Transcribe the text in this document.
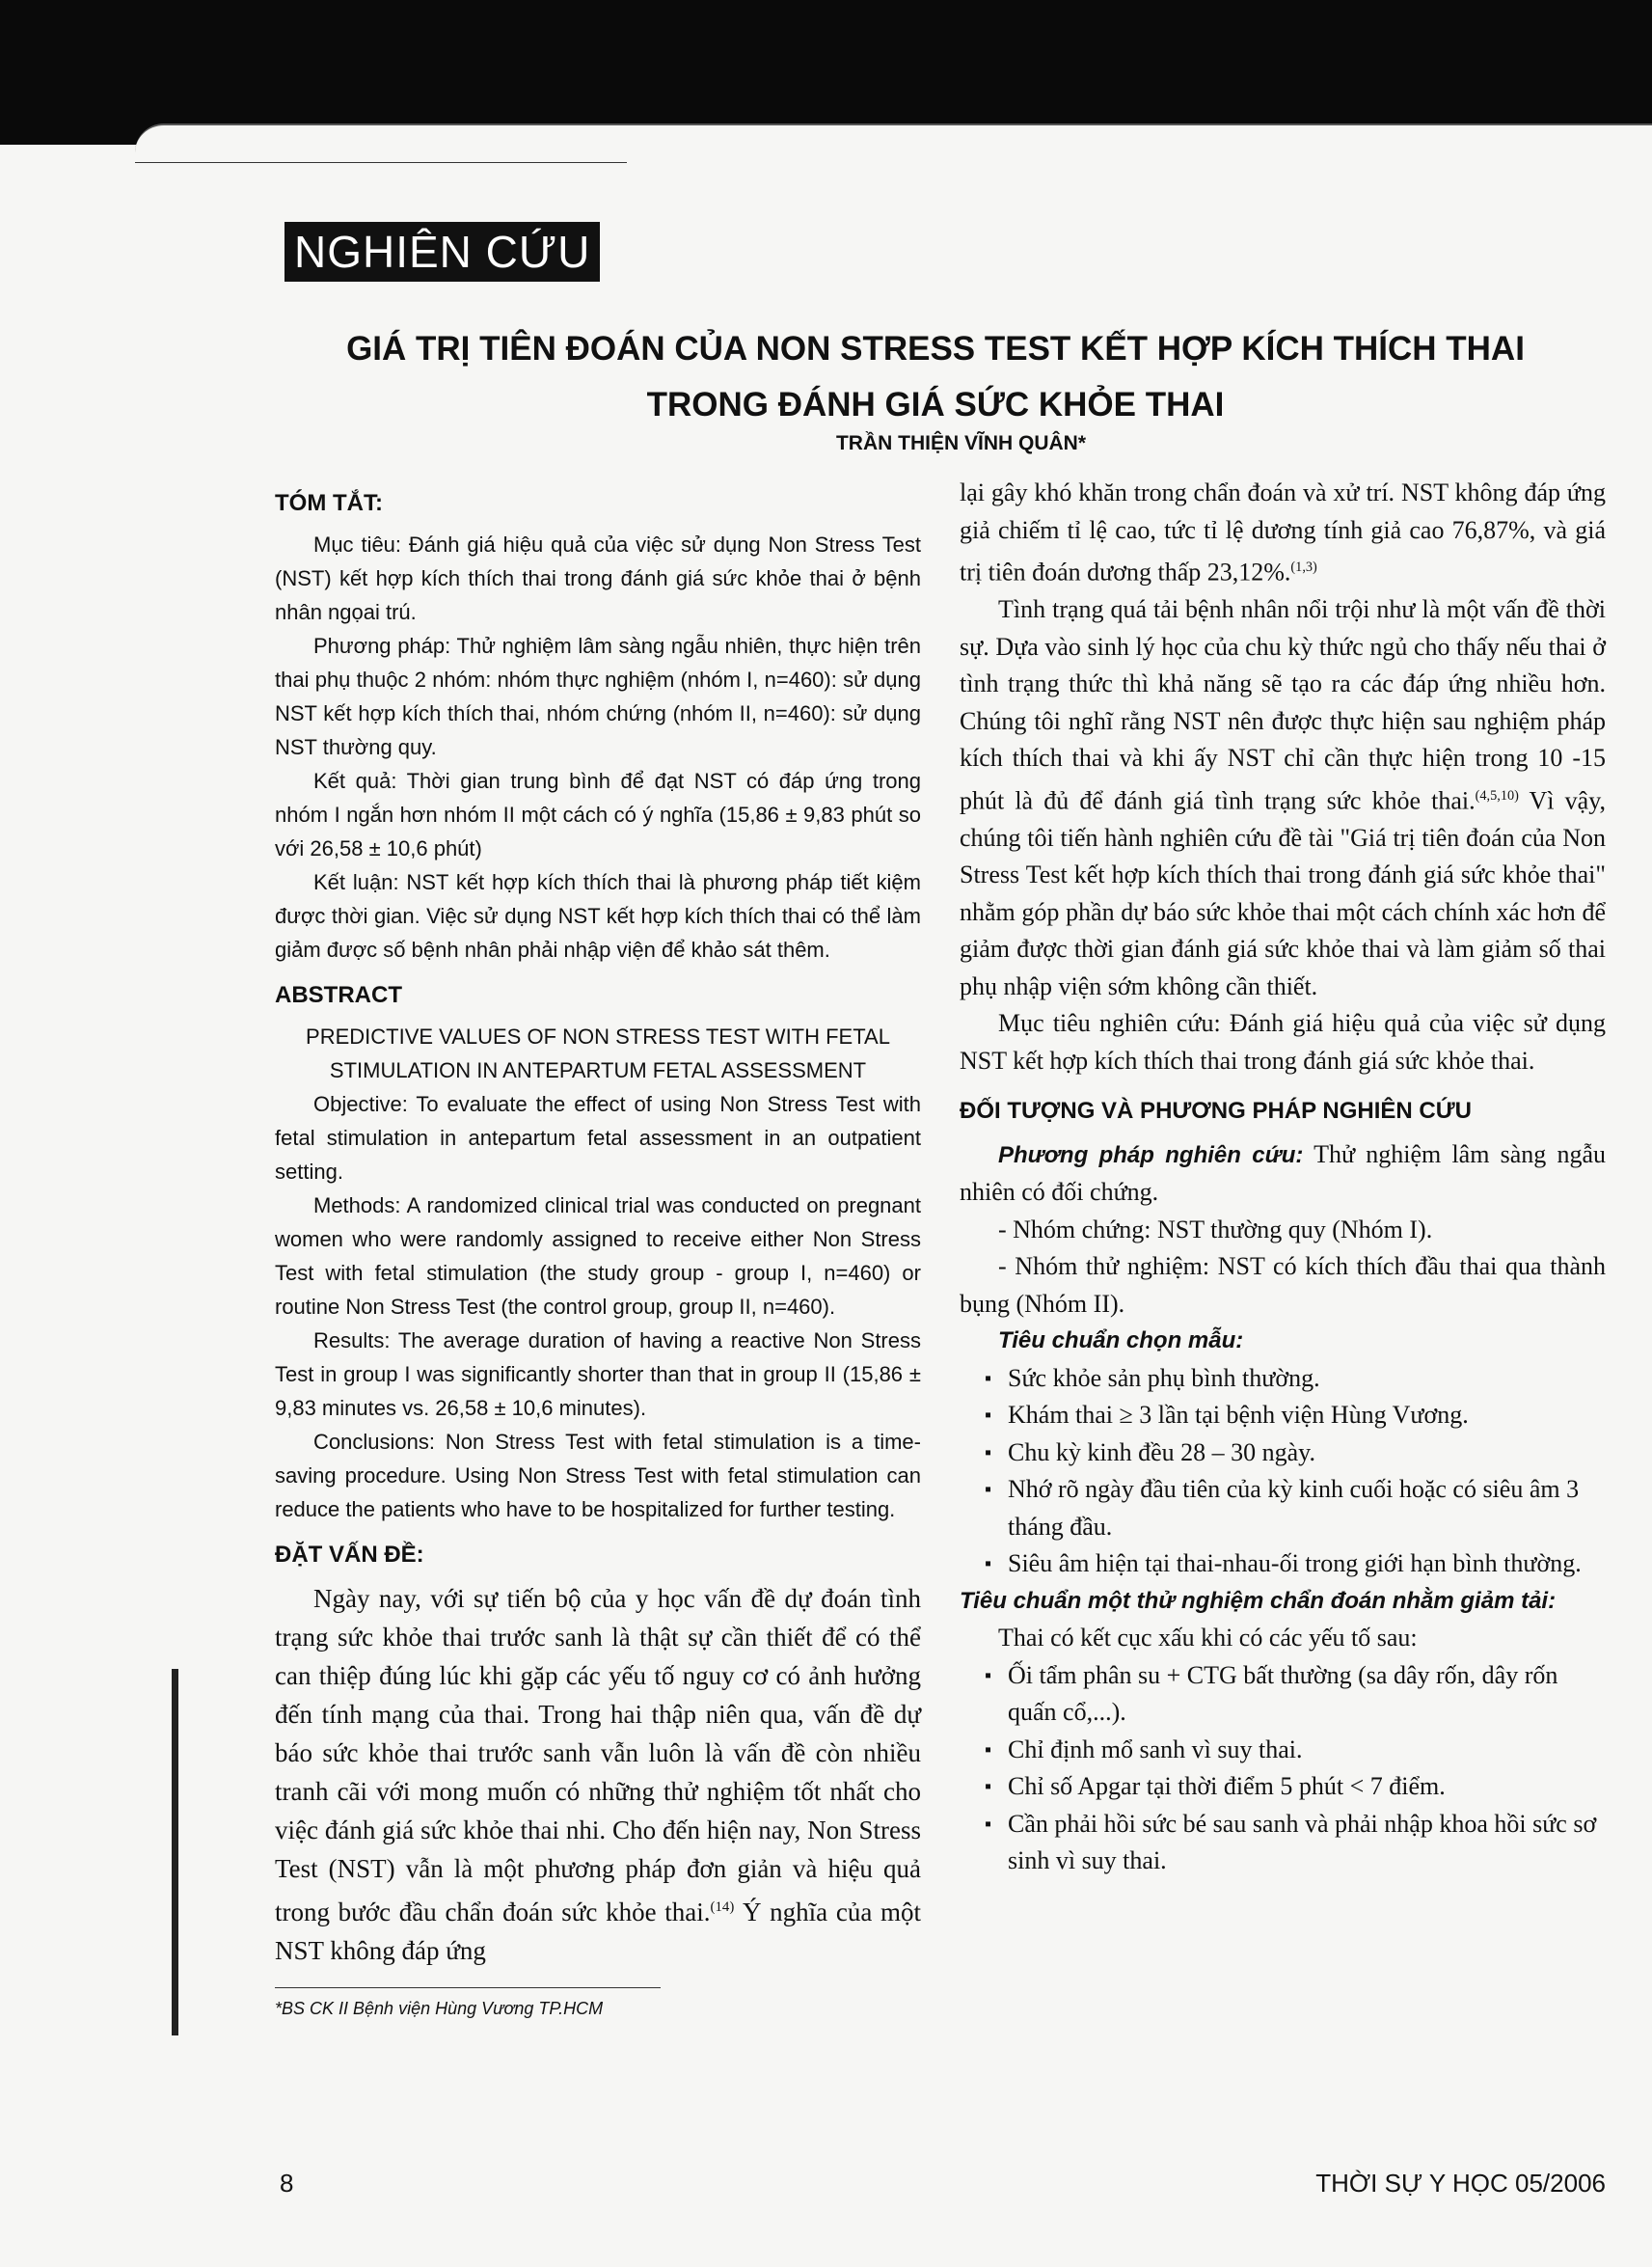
NGHIÊN CỨU
GIÁ TRỊ TIÊN ĐOÁN CỦA NON STRESS TEST KẾT HỢP KÍCH THÍCH THAI
TRONG ĐÁNH GIÁ SỨC KHỎE THAI
TRẦN THIỆN VĨNH QUÂN*
TÓM TẮT:

Mục tiêu: Đánh giá hiệu quả của việc sử dụng Non Stress Test (NST) kết hợp kích thích thai trong đánh giá sức khỏe thai ở bệnh nhân ngọai trú.

Phương pháp: Thử nghiệm lâm sàng ngẫu nhiên, thực hiện trên thai phụ thuộc 2 nhóm: nhóm thực nghiệm (nhóm I, n=460): sử dụng NST kết hợp kích thích thai, nhóm chứng (nhóm II, n=460): sử dụng NST thường quy.

Kết quả: Thời gian trung bình để đạt NST có đáp ứng trong nhóm I ngắn hơn nhóm II một cách có ý nghĩa (15,86 ± 9,83 phút so với 26,58 ± 10,6 phút)

Kết luận: NST kết hợp kích thích thai là phương pháp tiết kiệm được thời gian. Việc sử dụng NST kết hợp kích thích thai có thể làm giảm được số bệnh nhân phải nhập viện để khảo sát thêm.

ABSTRACT

PREDICTIVE VALUES OF NON STRESS TEST WITH FETAL STIMULATION IN ANTEPARTUM FETAL ASSESSMENT

Objective: To evaluate the effect of using Non Stress Test with fetal stimulation in antepartum fetal assessment in an outpatient setting.

Methods: A randomized clinical trial was conducted on pregnant women who were randomly assigned to receive either Non Stress Test with fetal stimulation (the study group - group I, n=460) or routine Non Stress Test (the control group, group II, n=460).

Results: The average duration of having a reactive Non Stress Test in group I was significantly shorter than that in group II (15,86 ± 9,83 minutes vs. 26,58 ± 10,6 minutes).

Conclusions: Non Stress Test with fetal stimulation is a time-saving procedure. Using Non Stress Test with fetal stimulation can reduce the patients who have to be hospitalized for further testing.

ĐẶT VẤN ĐỀ:

Ngày nay, với sự tiến bộ của y học vấn đề dự đoán tình trạng sức khỏe thai trước sanh là thật sự cần thiết để có thể can thiệp đúng lúc khi gặp các yếu tố nguy cơ có ảnh hưởng đến tính mạng của thai. Trong hai thập niên qua, vấn đề dự báo sức khỏe thai trước sanh vẫn luôn là vấn đề còn nhiều tranh cãi với mong muốn có những thử nghiệm tốt nhất cho việc đánh giá sức khỏe thai nhi. Cho đến hiện nay, Non Stress Test (NST) vẫn là một phương pháp đơn giản và hiệu quả trong bước đầu chẩn đoán sức khỏe thai.$^{(14)}$ Ý nghĩa của một NST không đáp ứng

*BS CK II Bệnh viện Hùng Vương TP.HCM

lại gây khó khăn trong chẩn đoán và xử trí. NST không đáp ứng giả chiếm tỉ lệ cao, tức tỉ lệ dương tính giả cao 76,87%, và giá trị tiên đoán dương thấp 23,12%.$^{(1,3)}$

Tình trạng quá tải bệnh nhân nổi trội như là một vấn đề thời sự. Dựa vào sinh lý học của chu kỳ thức ngủ cho thấy nếu thai ở tình trạng thức thì khả năng sẽ tạo ra các đáp ứng nhiều hơn. Chúng tôi nghĩ rằng NST nên được thực hiện sau nghiệm pháp kích thích thai và khi ấy NST chỉ cần thực hiện trong 10 -15 phút là đủ để đánh giá tình trạng sức khỏe thai.$^{(4,5,10)}$ Vì vậy, chúng tôi tiến hành nghiên cứu đề tài "Giá trị tiên đoán của Non Stress Test kết hợp kích thích thai trong đánh giá sức khỏe thai" nhằm góp phần dự báo sức khỏe thai một cách chính xác hơn để giảm được thời gian đánh giá sức khỏe thai và làm giảm số thai phụ nhập viện sớm không cần thiết.

Mục tiêu nghiên cứu: Đánh giá hiệu quả của việc sử dụng NST kết hợp kích thích thai trong đánh giá sức khỏe thai.

ĐỐI TƯỢNG VÀ PHƯƠNG PHÁP NGHIÊN CỨU

Phương pháp nghiên cứu: Thử nghiệm lâm sàng ngẫu nhiên có đối chứng.

- Nhóm chứng: NST thường quy (Nhóm I).

- Nhóm thử nghiệm: NST có kích thích đầu thai qua thành bụng (Nhóm II).

Tiêu chuẩn chọn mẫu:

▪ Sức khỏe sản phụ bình thường.
▪ Khám thai ≥ 3 lần tại bệnh viện Hùng Vương.
▪ Chu kỳ kinh đều 28 – 30 ngày.
▪ Nhớ rõ ngày đầu tiên của kỳ kinh cuối hoặc có siêu âm 3 tháng đầu.
▪ Siêu âm hiện tại thai-nhau-ối trong giới hạn bình thường.

Tiêu chuẩn một thử nghiệm chẩn đoán nhằm giảm tải:

Thai có kết cục xấu khi có các yếu tố sau:

▪ Ối tẩm phân su + CTG bất thường (sa dây rốn, dây rốn quấn cổ,...).
▪ Chỉ định mổ sanh vì suy thai.
▪ Chỉ số Apgar tại thời điểm 5 phút < 7 điểm.
▪ Cần phải hồi sức bé sau sanh và phải nhập khoa hồi sức sơ sinh vì suy thai.
8	THỜI SỰ Y HỌC 05/2006
